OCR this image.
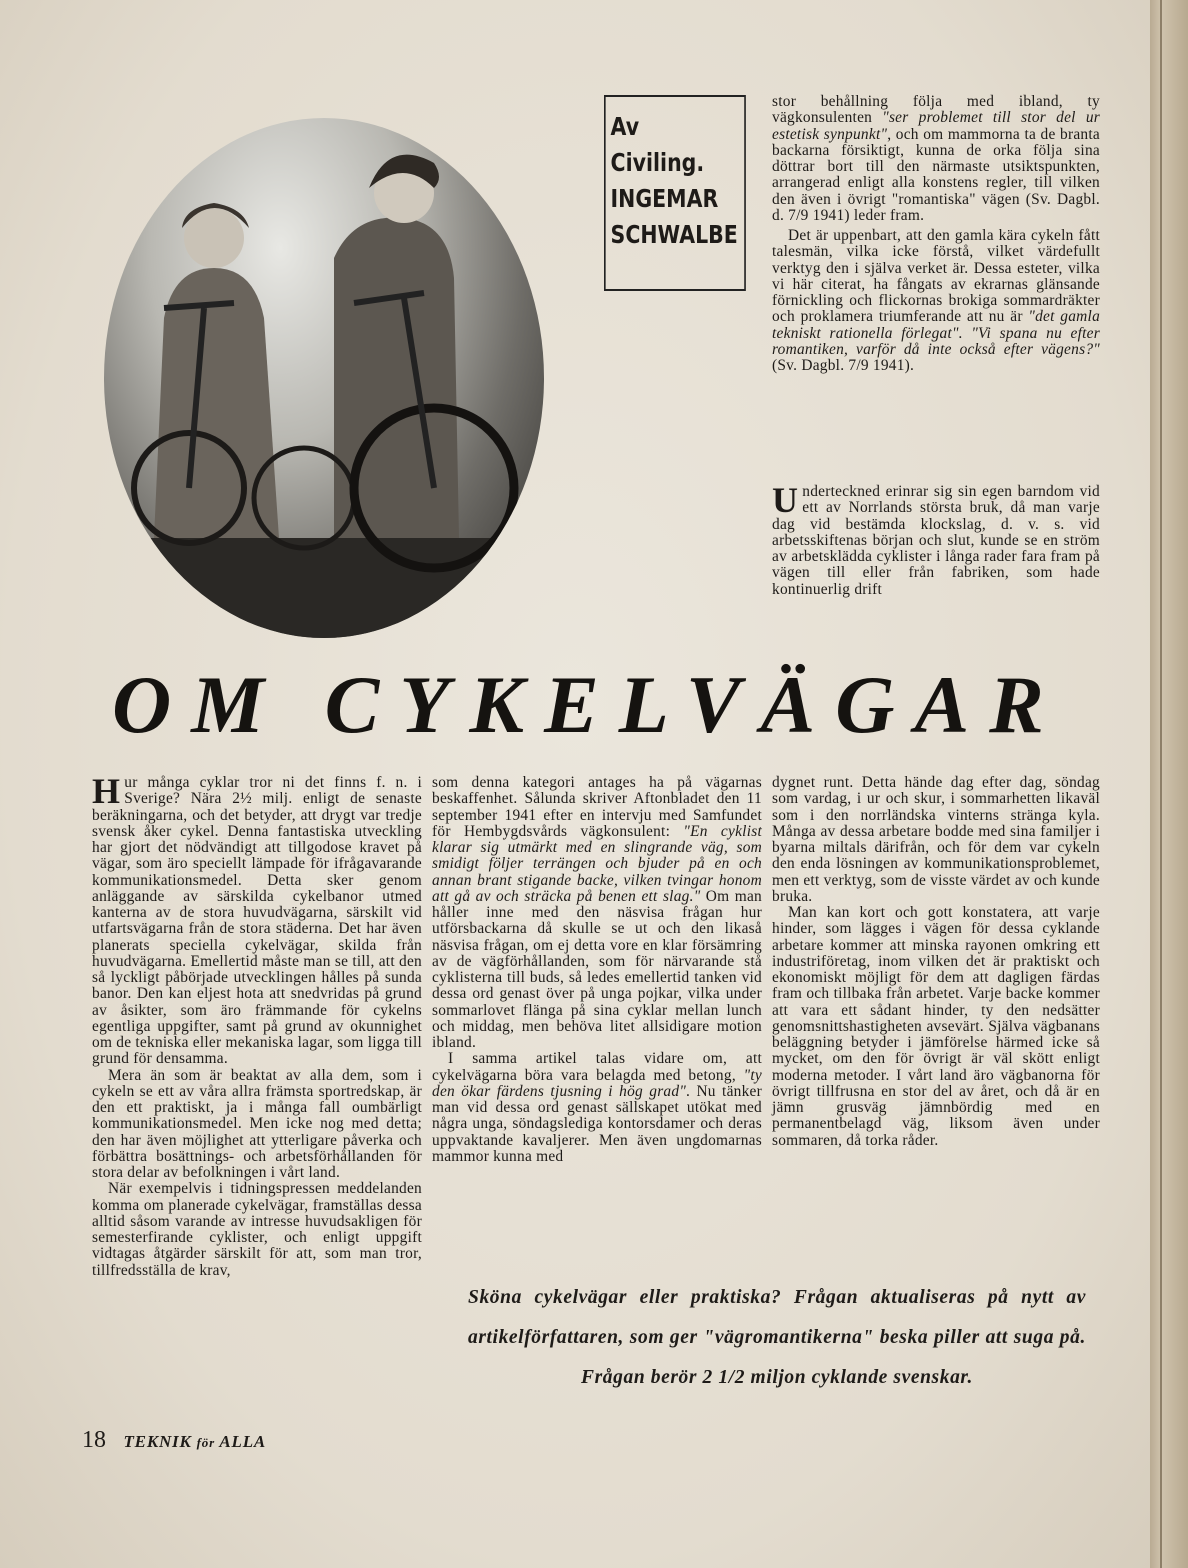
Av
Civiling.
INGEMAR
SCHWALBE

stor behållning följa med ibland, ty vägkonsulenten "ser problemet till stor del ur estetisk synpunkt", och om mammorna ta de branta backarna försiktigt, kunna de orka följa sina döttrar bort till den närmaste utsiktspunkten, arrangerad enligt alla konstens regler, till vilken den även i övrigt "romantiska" vägen (Sv. Dagbl. d. 7/9 1941) leder fram.

Det är uppenbart, att den gamla kära cykeln fått talesmän, vilka icke förstå, vilket värdefullt verktyg den i själva verket är. Dessa esteter, vilka vi här citerat, ha fångats av ekrarnas glänsande förnickling och flickornas brokiga sommardräkter och proklamera triumferande att nu är "det gamla tekniskt rationella förlegat". "Vi spana nu efter romantiken, varför då inte också efter vägens?" (Sv. Dagbl. 7/9 1941).

Underteckned erinrar sig sin egen barndom vid ett av Norrlands största bruk, då man varje dag vid bestämda klockslag, d. v. s. vid arbetsskiftenas början och slut, kunde se en ström av arbetsklädda cyklister i långa rader fara fram på vägen till eller från fabriken, som hade kontinuerlig drift

OM CYKELVÄGAR

Hur många cyklar tror ni det finns f. n. i Sverige? Nära 2½ milj. enligt de senaste beräkningarna, och det betyder, att drygt var tredje svensk åker cykel. Denna fantastiska utveckling har gjort det nödvändigt att tillgodose kravet på vägar, som äro speciellt lämpade för ifrågavarande kommunikationsmedel. Detta sker genom anläggande av särskilda cykelbanor utmed kanterna av de stora huvudvägarna, särskilt vid utfartsvägarna från de stora städerna. Det har även planerats speciella cykelvägar, skilda från huvudvägarna. Emellertid måste man se till, att den så lyckligt påbörjade utvecklingen hålles på sunda banor. Den kan eljest hota att snedvridas på grund av åsikter, som äro främmande för cykelns egentliga uppgifter, samt på grund av okunnighet om de tekniska eller mekaniska lagar, som ligga till grund för densamma.

Mera än som är beaktat av alla dem, som i cykeln se ett av våra allra främsta sportredskap, är den ett praktiskt, ja i många fall oumbärligt kommunikationsmedel. Men icke nog med detta; den har även möjlighet att ytterligare påverka och förbättra bosättnings- och arbetsförhållanden för stora delar av befolkningen i vårt land.

När exempelvis i tidningspressen meddelanden komma om planerade cykelvägar, framställas dessa alltid såsom varande av intresse huvudsakligen för semesterfirande cyklister, och enligt uppgift vidtagas åtgärder särskilt för att, som man tror, tillfredsställa de krav,

som denna kategori antages ha på vägarnas beskaffenhet. Sålunda skriver Aftonbladet den 11 september 1941 efter en intervju med Samfundet för Hembygdsvårds vägkonsulent: "En cyklist klarar sig utmärkt med en slingrande väg, som smidigt följer terrängen och bjuder på en och annan brant stigande backe, vilken tvingar honom att gå av och sträcka på benen ett slag." Om man håller inne med den näsvisa frågan hur utförsbackarna då skulle se ut och den likaså näsvisa frågan, om ej detta vore en klar försämring av de vägförhållanden, som för närvarande stå cyklisterna till buds, så ledes emellertid tanken vid dessa ord genast över på unga pojkar, vilka under sommarlovet flänga på sina cyklar mellan lunch och middag, men behöva litet allsidigare motion ibland.

I samma artikel talas vidare om, att cykelvägarna böra vara belagda med betong, "ty den ökar färdens tjusning i hög grad". Nu tänker man vid dessa ord genast sällskapet utökat med några unga, söndagslediga kontorsdamer och deras uppvaktande kavaljerer. Men även ungdomarnas mammor kunna med

dygnet runt. Detta hände dag efter dag, söndag som vardag, i ur och skur, i sommarhetten likaväl som i den norrländska vinterns stränga kyla. Många av dessa arbetare bodde med sina familjer i byarna miltals därifrån, och för dem var cykeln den enda lösningen av kommunikationsproblemet, men ett verktyg, som de visste värdet av och kunde bruka.

Man kan kort och gott konstatera, att varje hinder, som lägges i vägen för dessa cyklande arbetare kommer att minska rayonen omkring ett industriföretag, inom vilken det är praktiskt och ekonomiskt möjligt för dem att dagligen färdas fram och tillbaka från arbetet. Varje backe kommer att vara ett sådant hinder, ty den nedsätter genomsnittshastigheten avsevärt. Själva vägbanans beläggning betyder i jämförelse härmed icke så mycket, om den för övrigt är väl skött enligt moderna metoder. I vårt land äro vägbanorna för övrigt tillfrusna en stor del av året, och då är en jämn grusväg jämnbördig med en permanentbelagd väg, liksom även under sommaren, då torka råder.

Sköna cykelvägar eller praktiska? Frågan aktualiseras på nytt av artikelförfattaren, som ger "vägromantikerna" beska piller att suga på. Frågan berör 2 1/2 miljon cyklande svenskar.
18 TEKNIK för ALLA
